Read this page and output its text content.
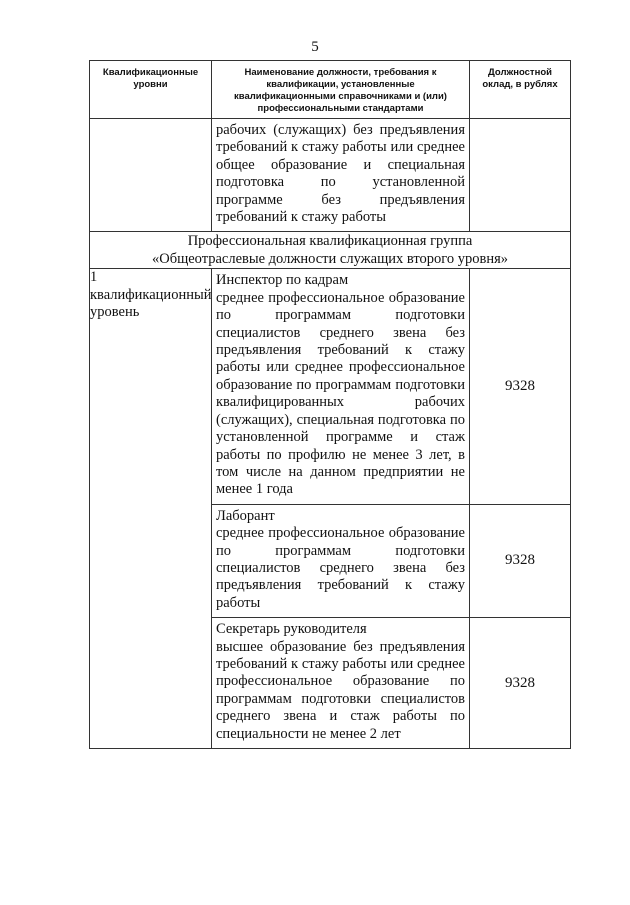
5
Квалификационные уровни	Наименование должности, требования к квалификации, установленные квалификационными справочниками и (или) профессиональными стандартами	Должностной оклад, в рублях

	рабочих (служащих) без предъявления требований к стажу работы или среднее общее образование и специальная подготовка по установленной программе без предъявления требований к стажу работы	

Профессиональная квалификационная группа
«Общеотраслевые должности служащих второго уровня»		

1 квалификационный уровень	Инспектор по кадрам
среднее профессиональное образование по программам подготовки специалистов среднего звена без предъявления требований к стажу работы или среднее профессиональное образование по программам подготовки квалифицированных рабочих (служащих), специальная подготовка по установленной программе и стаж работы по профилю не менее 3 лет, в том числе на данном предприятии не менее 1 года	9328

	Лаборант
среднее профессиональное образование по программам подготовки специалистов среднего звена без предъявления требований к стажу работы	9328

	Секретарь руководителя
высшее образование без предъявления требований к стажу работы или среднее профессиональное образование по программам подготовки специалистов среднего звена и стаж работы по специальности не менее 2 лет	9328
